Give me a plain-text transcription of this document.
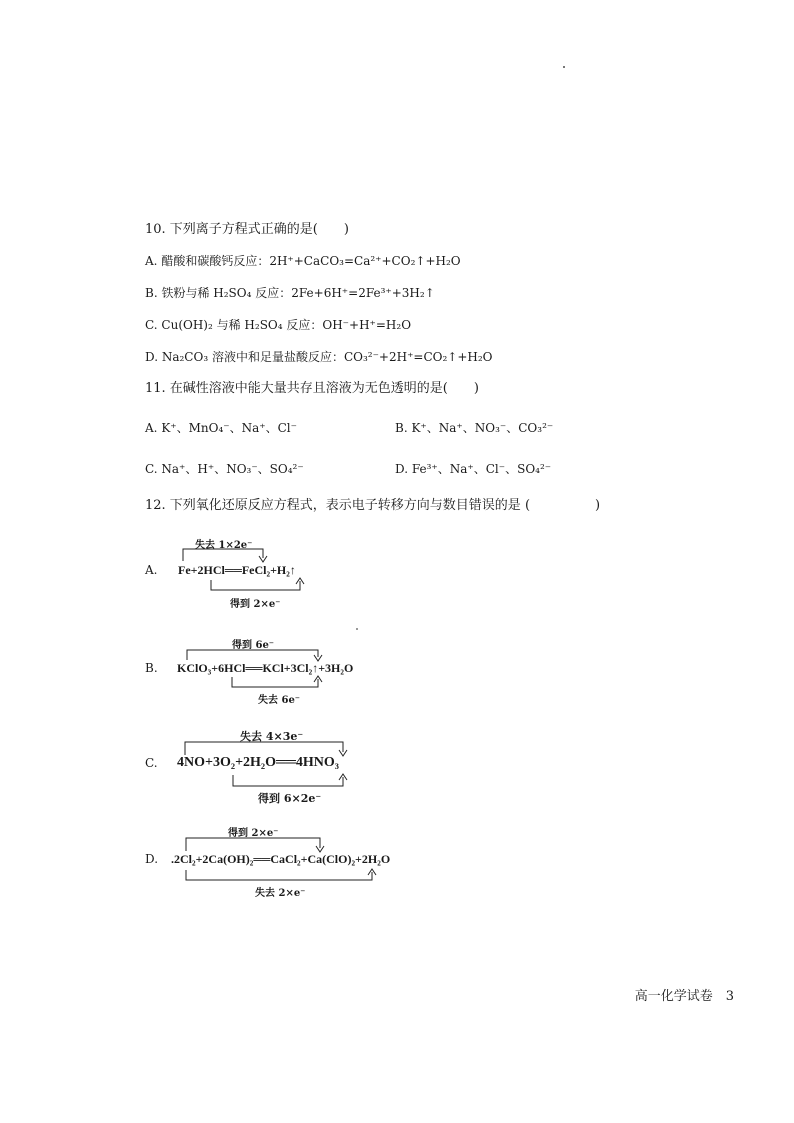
10. 下列离子方程式正确的是(　　)
A. 醋酸和碳酸钙反应：2H⁺+CaCO₃=Ca²⁺+CO₂↑+H₂O
B. 铁粉与稀 H₂SO₄ 反应：2Fe+6H⁺=2Fe³⁺+3H₂↑
C. Cu(OH)₂ 与稀 H₂SO₄ 反应：OH⁻+H⁺=H₂O
D. Na₂CO₃ 溶液中和足量盐酸反应：CO₃²⁻+2H⁺=CO₂↑+H₂O
11. 在碱性溶液中能大量共存且溶液为无色透明的是(　　)
A. K⁺、MnO₄⁻、Na⁺、Cl⁻	B. K⁺、Na⁺、NO₃⁻、CO₃²⁻
C. Na⁺、H⁺、NO₃⁻、SO₄²⁻	D. Fe³⁺、Na⁺、Cl⁻、SO₄²⁻
12. 下列氧化还原反应方程式，表示电子转移方向与数目错误的是 (　　　　　)
A.
失去 1×2e⁻
Fe+2HCl══FeCl₂+H₂↑
得到 2×e⁻
B.
得到 6e⁻
KClO₃+6HCl══KCl+3Cl₂↑+3H₂O
失去 6e⁻
C.
失去 4×3e⁻
4NO+3O₂+2H₂O══4HNO₃
得到 6×2e⁻
D.
得到 2×e⁻
.2Cl₂+2Ca(OH)₂══CaCl₂+Ca(ClO)₂+2H₂O
失去 2×e⁻
高一化学试卷　3
